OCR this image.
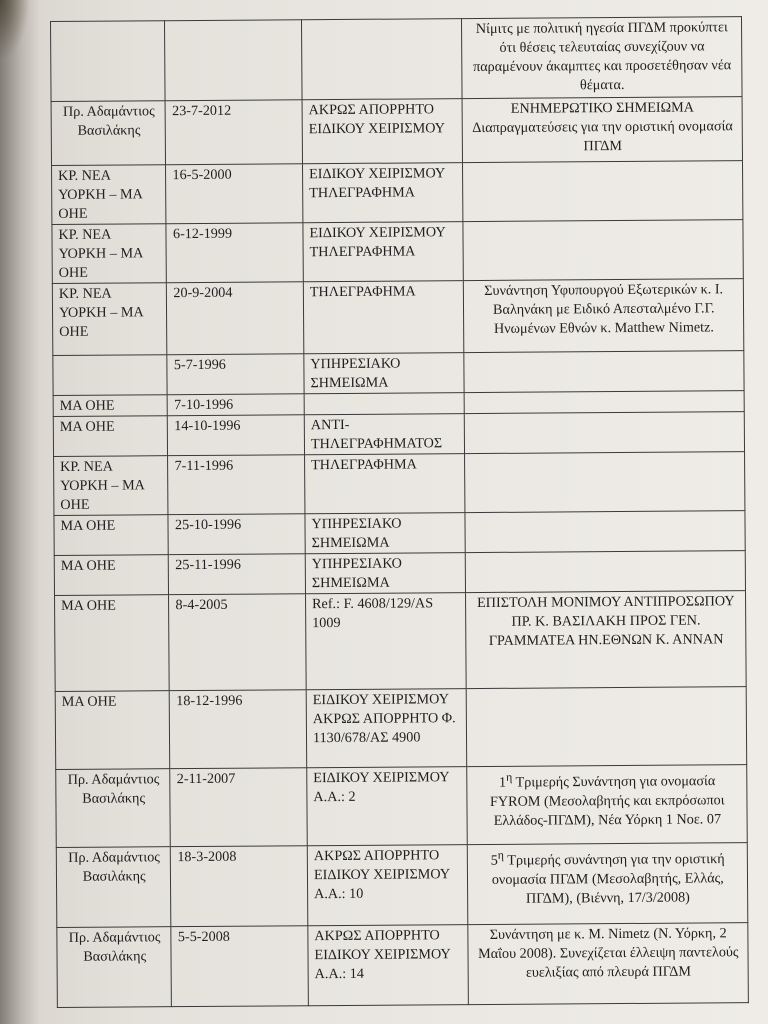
			Νίμιτς με πολιτική ηγεσία ΠΓΔΜ προκύπτει ότι θέσεις τελευταίας συνεχίζουν να παραμένουν άκαμπτες και προσετέθησαν νέα θέματα.
Πρ. Αδαμάντιος Βασιλάκης	23-7-2012	ΑΚΡΩΣ ΑΠΟΡΡΗΤΟ ΕΙΔΙΚΟΥ ΧΕΙΡΙΣΜΟΥ	ΕΝΗΜΕΡΩΤΙΚΟ ΣΗΜΕΙΩΜΑ Διαπραγματεύσεις για την οριστική ονομασία ΠΓΔΜ
ΚΡ. ΝΕΑ ΥΟΡΚΗ – ΜΑ ΟΗΕ	16-5-2000	ΕΙΔΙΚΟΥ ΧΕΙΡΙΣΜΟΥ ΤΗΛΕΓΡΑΦΗΜΑ	
ΚΡ. ΝΕΑ ΥΟΡΚΗ – ΜΑ ΟΗΕ	6-12-1999	ΕΙΔΙΚΟΥ ΧΕΙΡΙΣΜΟΥ ΤΗΛΕΓΡΑΦΗΜΑ	
ΚΡ. ΝΕΑ ΥΟΡΚΗ – ΜΑ ΟΗΕ	20-9-2004	ΤΗΛΕΓΡΑΦΗΜΑ	Συνάντηση Υφυπουργού Εξωτερικών κ. Ι. Βαληνάκη με Ειδικό Απεσταλμένο Γ.Γ. Ηνωμένων Εθνών κ. Matthew Nimetz.
	5-7-1996	ΥΠΗΡΕΣΙΑΚΟ ΣΗΜΕΙΩΜΑ	
ΜΑ ΟΗΕ	7-10-1996		
ΜΑ ΟΗΕ	14-10-1996	ΑΝΤΙ-ΤΗΛΕΓΡΑΦΗΜΑΤΟΣ	
ΚΡ. ΝΕΑ ΥΟΡΚΗ – ΜΑ ΟΗΕ	7-11-1996	ΤΗΛΕΓΡΑΦΗΜΑ	
ΜΑ ΟΗΕ	25-10-1996	ΥΠΗΡΕΣΙΑΚΟ ΣΗΜΕΙΩΜΑ	
ΜΑ ΟΗΕ	25-11-1996	ΥΠΗΡΕΣΙΑΚΟ ΣΗΜΕΙΩΜΑ	
ΜΑ ΟΗΕ	8-4-2005	Ref.: F. 4608/129/AS 1009	ΕΠΙΣΤΟΛΗ ΜΟΝΙΜΟΥ ΑΝΤΙΠΡΟΣΩΠΟΥ ΠΡ. Κ. ΒΑΣΙΛΑΚΗ ΠΡΟΣ ΓΕΝ. ΓΡΑΜΜΑΤΕΑ ΗΝ.ΕΘΝΩΝ Κ. ΑΝΝΑΝ
ΜΑ ΟΗΕ	18-12-1996	ΕΙΔΙΚΟΥ ΧΕΙΡΙΣΜΟΥ ΑΚΡΩΣ ΑΠΟΡΡΗΤΟ Φ. 1130/678/ΑΣ 4900	
Πρ. Αδαμάντιος Βασιλάκης	2-11-2007	ΕΙΔΙΚΟΥ ΧΕΙΡΙΣΜΟΥ Α.Α.: 2	$1^\eta$ Τριμερής Συνάντηση για ονομασία FYROM (Μεσολαβητής και εκπρόσωποι Ελλάδος-ΠΓΔΜ), Νέα Υόρκη 1 Νοε. 07
Πρ. Αδαμάντιος Βασιλάκης	18-3-2008	ΑΚΡΩΣ ΑΠΟΡΡΗΤΟ ΕΙΔΙΚΟΥ ΧΕΙΡΙΣΜΟΥ Α.Α.: 10	$5^\eta$ Τριμερής συνάντηση για την οριστική ονομασία ΠΓΔΜ (Μεσολαβητής, Ελλάς, ΠΓΔΜ), (Βιέννη, 17/3/2008)
Πρ. Αδαμάντιος Βασιλάκης	5-5-2008	ΑΚΡΩΣ ΑΠΟΡΡΗΤΟ ΕΙΔΙΚΟΥ ΧΕΙΡΙΣΜΟΥ Α.Α.: 14	Συνάντηση με κ. M. Nimetz (Ν. Υόρκη, 2 Μαΐου 2008). Συνεχίζεται έλλειψη παντελούς ευελιξίας από πλευρά ΠΓΔΜ
